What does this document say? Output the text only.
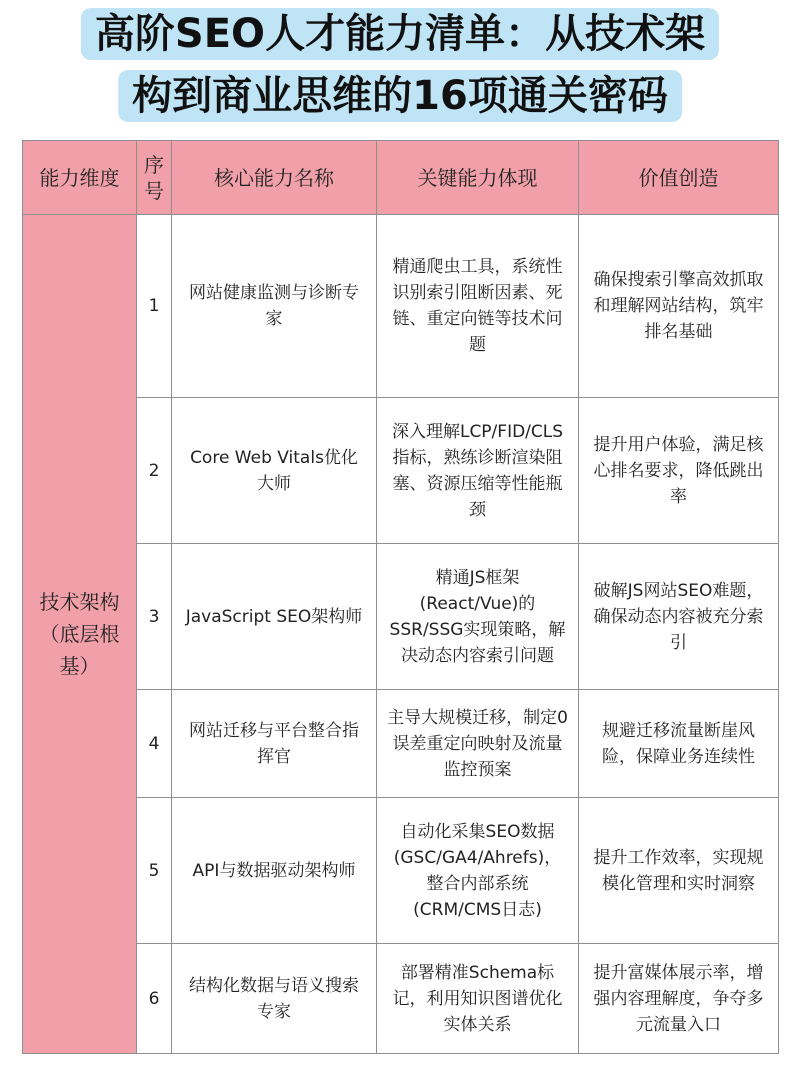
高阶SEO人才能力清单：从技术架
构到商业思维的16项通关密码
能力维度	序号	核心能力名称	关键能力体现	价值创造
技术架构（底层根基）	1	网站健康监测与诊断专家	精通爬虫工具，系统性识别索引阻断因素、死链、重定向链等技术问题	确保搜索引擎高效抓取和理解网站结构，筑牢排名基础
	2	Core Web Vitals优化大师	深入理解LCP/FID/CLS指标，熟练诊断渲染阻塞、资源压缩等性能瓶颈	提升用户体验，满足核心排名要求，降低跳出率
	3	JavaScript SEO架构师	精通JS框架(React/Vue)的SSR/SSG实现策略，解决动态内容索引问题	破解JS网站SEO难题，确保动态内容被充分索引
	4	网站迁移与平台整合指挥官	主导大规模迁移，制定0误差重定向映射及流量监控预案	规避迁移流量断崖风险，保障业务连续性
	5	API与数据驱动架构师	自动化采集SEO数据(GSC/GA4/Ahrefs)，整合内部系统(CRM/CMS日志)	提升工作效率，实现规模化管理和实时洞察
	6	结构化数据与语义搜索专家	部署精准Schema标记，利用知识图谱优化实体关系	提升富媒体展示率，增强内容理解度，争夺多元流量入口
